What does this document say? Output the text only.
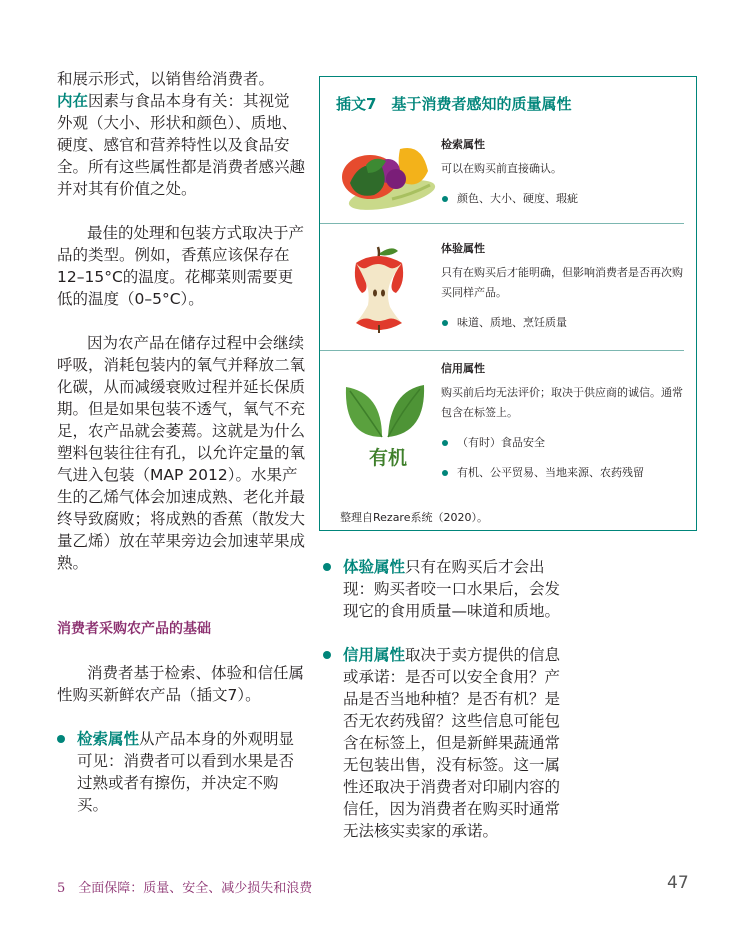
和展示形式，以销售给消费者。
内在因素与食品本身有关：其视觉外观（大小、形状和颜色）、质地、硬度、感官和营养特性以及食品安全。所有这些属性都是消费者感兴趣并对其有价值之处。

最佳的处理和包装方式取决于产品的类型。例如，香蕉应该保存在12–15°C的温度。花椰菜则需要更低的温度（0–5°C）。

因为农产品在储存过程中会继续呼吸，消耗包装内的氧气并释放二氧化碳，从而减缓衰败过程并延长保质期。但是如果包装不透气，氧气不充足，农产品就会萎蔫。这就是为什么塑料包装往往有孔，以允许定量的氧气进入包装（MAP 2012）。水果产生的乙烯气体会加速成熟、老化并最终导致腐败；将成熟的香蕉（散发大量乙烯）放在苹果旁边会加速苹果成熟。

消费者采购农产品的基础

消费者基于检索、体验和信任属性购买新鲜农产品（插文7）。

检索属性从产品本身的外观明显可见：消费者可以看到水果是否过熟或者有擦伤，并决定不购买。

插文7　基于消费者感知的质量属性
检索属性
可以在购买前直接确认。
颜色、大小、硬度、瑕疵
体验属性
只有在购买后才能明确，但影响消费者是否再次购买同样产品。
味道、质地、烹饪质量
有机
信用属性
购买前后均无法评价；取决于供应商的诚信。通常包含在标签上。
（有时）食品安全
有机、公平贸易、当地来源、农药残留
整理自Rezare系统（2020）。

体验属性只有在购买后才会出现：购买者咬一口水果后，会发现它的食用质量—味道和质地。

信用属性取决于卖方提供的信息或承诺：是否可以安全食用？产品是否当地种植？是否有机？是否无农药残留？这些信息可能包含在标签上，但是新鲜果蔬通常无包装出售，没有标签。这一属性还取决于消费者对印刷内容的信任，因为消费者在购买时通常无法核实卖家的承诺。

5　全面保障：质量、安全、减少损失和浪费	47
